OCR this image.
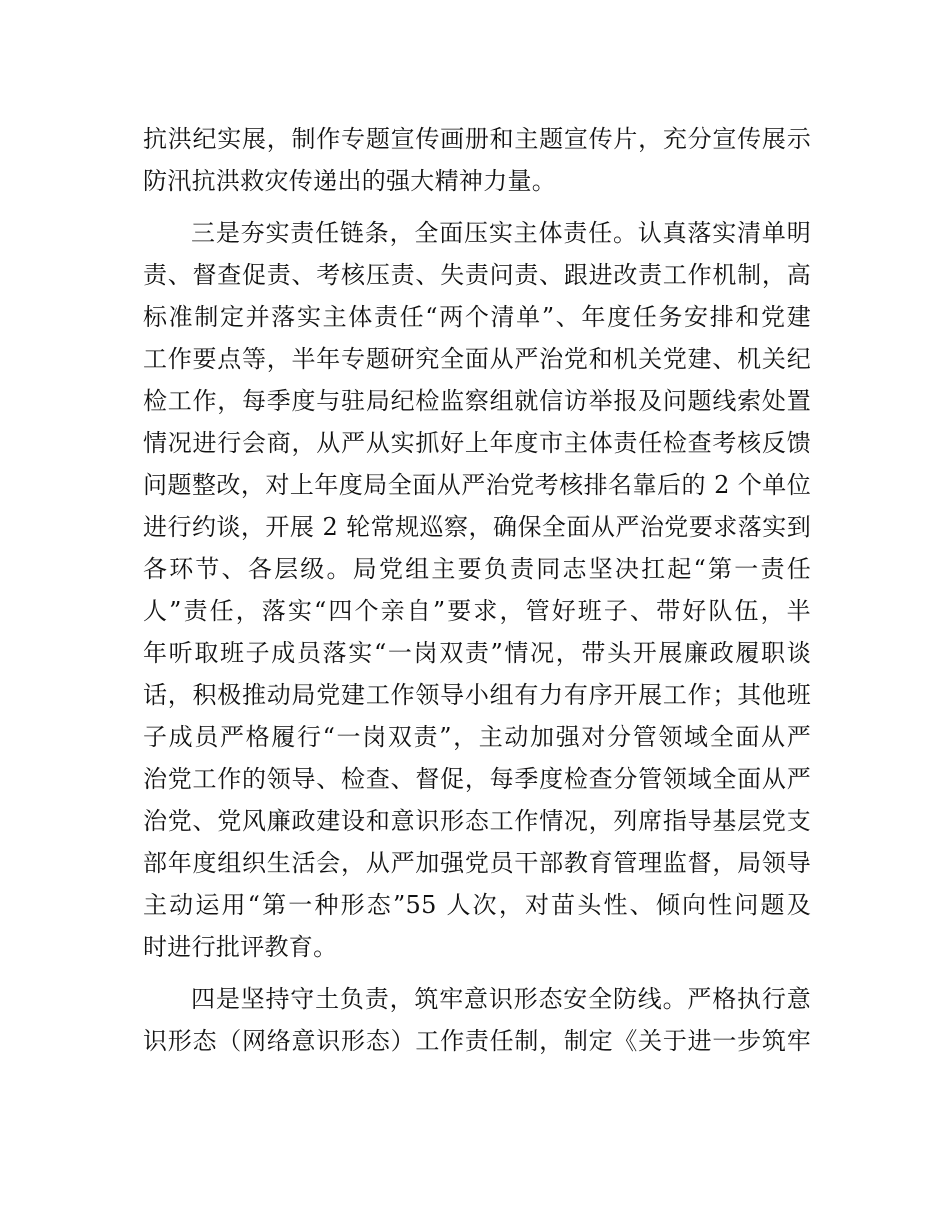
抗洪纪实展，制作专题宣传画册和主题宣传片，充分宣传展示
防汛抗洪救灾传递出的强大精神力量。

三是夯实责任链条，全面压实主体责任。认真落实清单明
责、督查促责、考核压责、失责问责、跟进改责工作机制，高
标准制定并落实主体责任“两个清单”、年度任务安排和党建
工作要点等，半年专题研究全面从严治党和机关党建、机关纪
检工作，每季度与驻局纪检监察组就信访举报及问题线索处置
情况进行会商，从严从实抓好上年度市主体责任检查考核反馈
问题整改，对上年度局全面从严治党考核排名靠后的 2 个单位
进行约谈，开展 2 轮常规巡察，确保全面从严治党要求落实到
各环节、各层级。局党组主要负责同志坚决扛起“第一责任
人”责任，落实“四个亲自”要求，管好班子、带好队伍，半
年听取班子成员落实“一岗双责”情况，带头开展廉政履职谈
话，积极推动局党建工作领导小组有力有序开展工作；其他班
子成员严格履行“一岗双责”，主动加强对分管领域全面从严
治党工作的领导、检查、督促，每季度检查分管领域全面从严
治党、党风廉政建设和意识形态工作情况，列席指导基层党支
部年度组织生活会，从严加强党员干部教育管理监督，局领导
主动运用“第一种形态”55 人次，对苗头性、倾向性问题及
时进行批评教育。

四是坚持守土负责，筑牢意识形态安全防线。严格执行意
识形态（网络意识形态）工作责任制，制定《关于进一步筑牢
